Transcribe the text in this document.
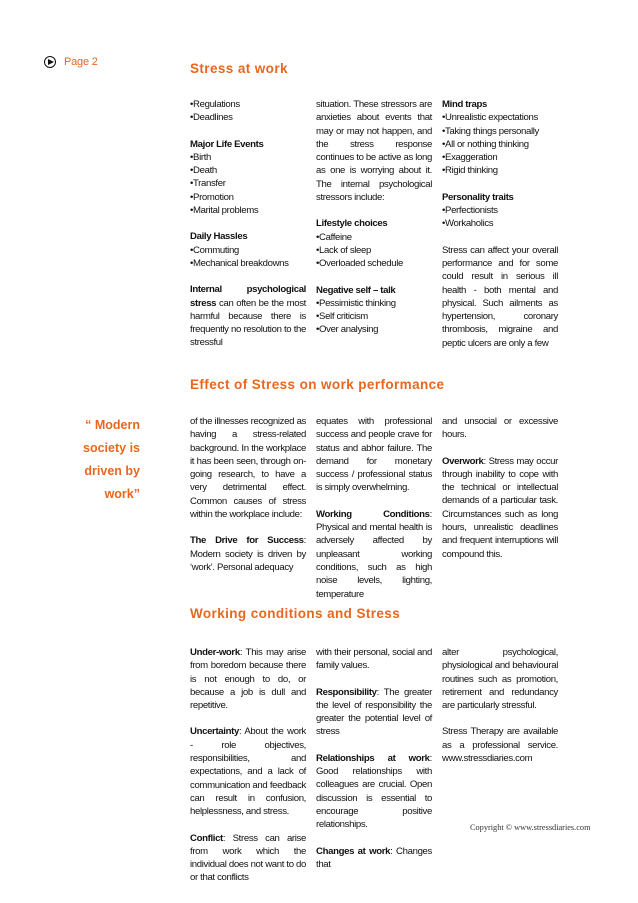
Page 2	Stress at work
• Regulations
• Deadlines
Major Life Events
• Birth
• Death
• Transfer
• Promotion
• Marital problems
Daily Hassles
• Commuting
• Mechanical breakdowns

Internal psychological stress can often be the most harmful because there is frequently no resolution to the stressful

situation. These stressors are anxieties about events that may or may not happen, and the stress response continues to be active as long as one is worrying about it. The internal psychological stressors include:

Lifestyle choices
• Caffeine
• Lack of sleep
• Overloaded schedule
Negative self – talk
• Pessimistic thinking
• Self criticism
• Over analysing
Mind traps
• Unrealistic expectations
• Taking things personally
• All or nothing thinking
• Exaggeration
• Rigid thinking
Personality traits
• Perfectionists
• Workaholics

Stress can affect your overall performance and for some could result in serious ill health - both mental and physical. Such ailments as hypertension, coronary thrombosis, migraine and peptic ulcers are only a few

Effect of Stress on work performance
“ Modern society is driven by work”

of the illnesses recognized as having a stress-related background. In the workplace it has been seen, through on-going research, to have a very detrimental effect. Common causes of stress within the workplace include:

The Drive for Success: Modern society is driven by ‘work’. Personal adequacy

equates with professional success and people crave for status and abhor failure. The demand for monetary success / professional status is simply overwhelming.

Working Conditions: Physical and mental health is adversely affected by unpleasant working conditions, such as high noise levels, lighting, temperature

and unsocial or excessive hours.

Overwork: Stress may occur through inability to cope with the technical or intellectual demands of a particular task. Circumstances such as long hours, unrealistic deadlines and frequent interruptions will compound this.

Working conditions and Stress

Under-work: This may arise from boredom because there is not enough to do, or because a job is dull and repetitive.

Uncertainty: About the work - role objectives, responsibilities, and expectations, and a lack of communication and feedback can result in confusion, helplessness, and stress.

Conflict: Stress can arise from work which the individual does not want to do or that conflicts

with their personal, social and family values.

Responsibility: The greater the level of responsibility the greater the potential level of stress

Relationships at work: Good relationships with colleagues are crucial. Open discussion is essential to encourage positive relationships.

Changes at work: Changes that

alter psychological, physiological and behavioural routines such as promotion, retirement and redundancy are particularly stressful.

Stress Therapy are available as a professional service. www.stressdiaries.com

Copyright © www.stressdiaries.com
